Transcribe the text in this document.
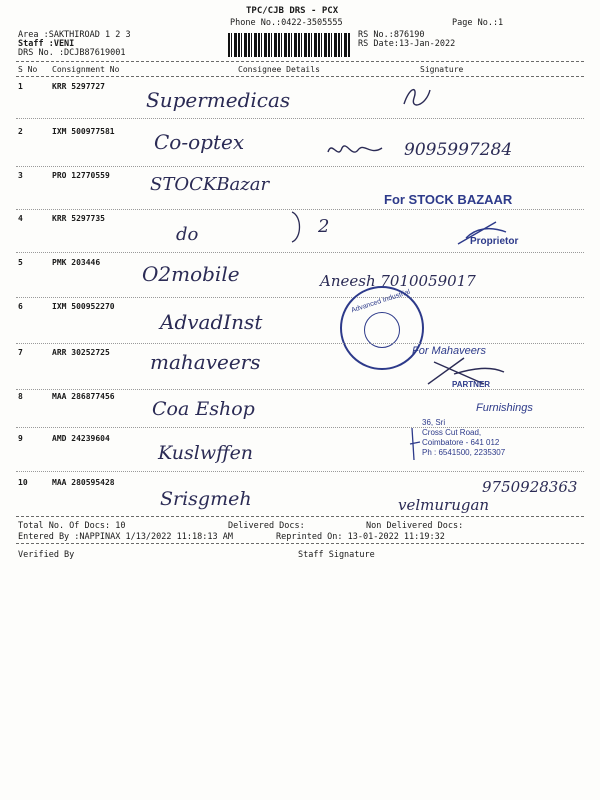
TPC/CJB DRS - PCX
Phone No.:0422-3505555	Page No.:1
Area :SAKTHIROAD 1 2 3
Staff :VENI
DRS No. :DCJB87619001
RS No.:876190
RS Date:13-Jan-2022
S No Consignment No	Consignee Details	Signature
1	KRR 5297727
Supermedicas
2	IXM 500977581 Co-optex	9095997284
3	PRO 12770559 STOCKBazar
For STOCK BAZAAR
4	KRR 5297735
do	2
Proprietor
5	PMK 203446 O2mobile	Aneesh 7010059017
6	IXM 500952270
AdvadInst
Advanced Industrial
7	ARR 30252725 mahaveers	For Mahaveers
PARTNER
8	MAA 286877456
Coa Eshop	Furnishings
36, Sri
Cross Cut Road,
Coimbatore - 641 012
Ph : 6541500, 2235307
9	AMD 24239604
Kuslwffen
10	MAA 280595428
Srisgmeh
9750928363
velmurugan
Total No. Of Docs: 10	Delivered Docs:	Non Delivered Docs:
Entered By :NAPPINAX 1/13/2022 11:18:13 AM	Reprinted On: 13-01-2022 11:19:32
Verified By	Staff Signature
